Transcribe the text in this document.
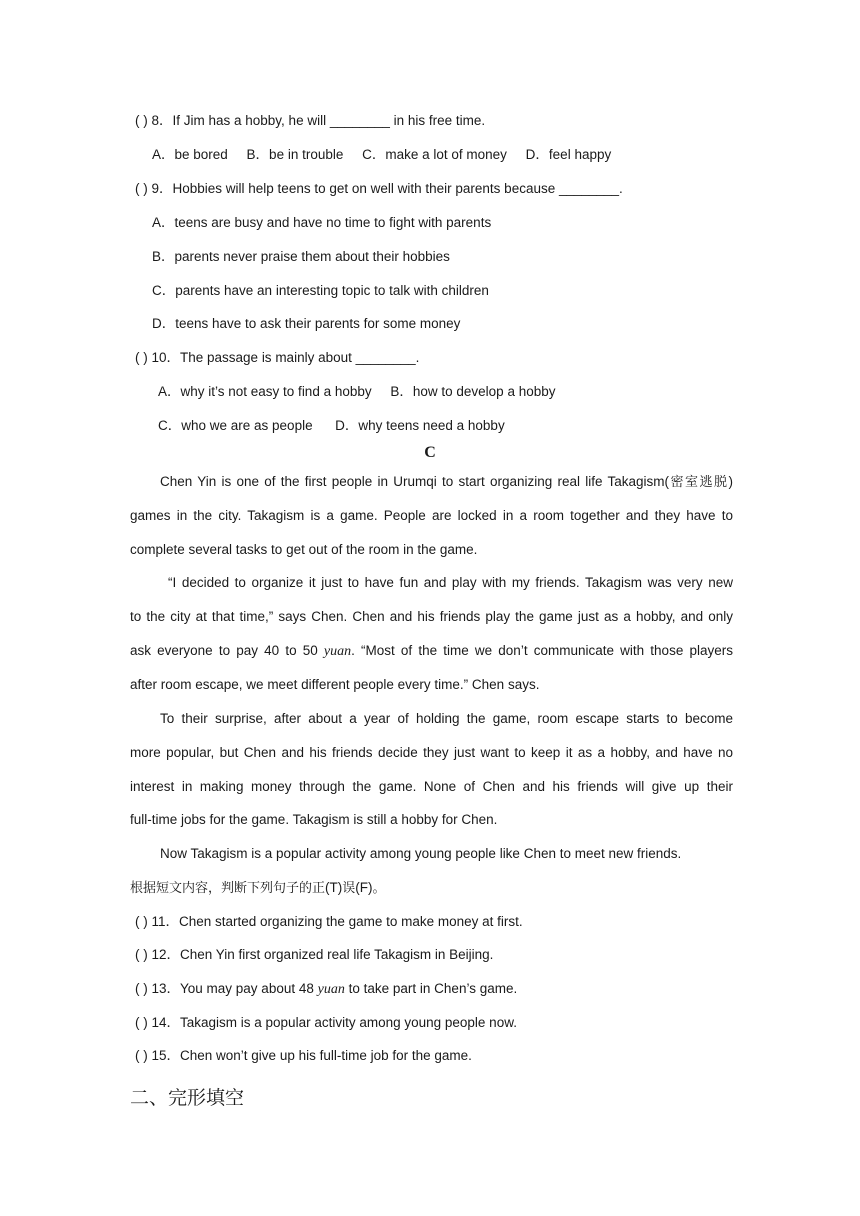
( ) 8．If Jim has a hobby, he will ________ in his free time.
A．be bored     B．be in trouble     C．make a lot of money     D．feel happy
( ) 9．Hobbies will help teens to get on well with their parents because ________.
A．teens are busy and have no time to fight with parents
B．parents never praise them about their hobbies
C．parents have an interesting topic to talk with children
D．teens have to ask their parents for some money
( ) 10．The passage is mainly about ________.
A．why it’s not easy to find a hobby     B．how to develop a hobby
C．who we are as people      D．why teens need a hobby
C
Chen Yin is one of the first people in Urumqi to start organizing real life Takagism(密室逃脱)
games in the city. Takagism is a game. People are locked in a room together and they have to
complete several tasks to get out of the room in the game.
“I decided to organize it just to have fun and play with my friends. Takagism was very new
to the city at that time,” says Chen. Chen and his friends play the game just as a hobby, and only
ask everyone to pay 40 to 50 yuan. “Most of the time we don’t communicate with those players
after room escape, we meet different people every time.” Chen says.
To their surprise, after about a year of holding the game, room escape starts to become
more popular, but Chen and his friends decide they just want to keep it as a hobby, and have no
interest in making money through the game. None of Chen and his friends will give up their
full-time jobs for the game. Takagism is still a hobby for Chen.
Now Takagism is a popular activity among young people like Chen to meet new friends.
根据短文内容，判断下列句子的正(T)误(F)。
( ) 11．Chen started organizing the game to make money at first.
( ) 12．Chen Yin first organized real life Takagism in Beijing.
( ) 13．You may pay about 48 yuan to take part in Chen’s game.
( ) 14．Takagism is a popular activity among young people now.
( ) 15．Chen won’t give up his full-time job for the game.
二、完形填空
